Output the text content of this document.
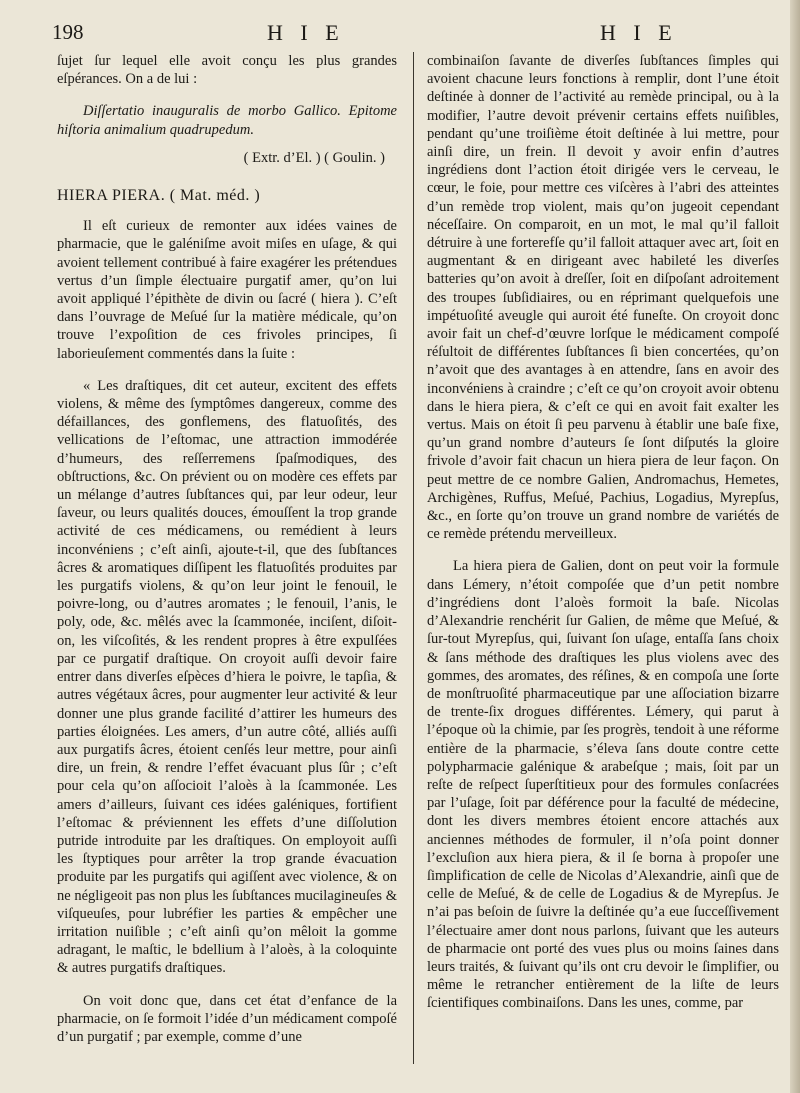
198	H I E	H I E

ſujet ſur lequel elle avoit conçu les plus grandes eſpérances. On a de lui :

Diſſertatio inauguralis de morbo Gallico. Epitome hiſtoria animalium quadrupedum.

( Extr. d’El. ) ( Goulin. )

HIERA PIERA. ( Mat. méd. )

Il eſt curieux de remonter aux idées vaines de pharmacie, que le galéniſme avoit miſes en uſage, & qui avoient tellement contribué à faire exagérer les prétendues vertus d’un ſimple électuaire purgatif amer, qu’on lui avoit appliqué l’épithète de divin ou ſacré ( hiera ). C’eſt dans l’ouvrage de Meſué ſur la matière médicale, qu’on trouve l’expoſition de ces frivoles principes, ſi laborieuſement commentés dans la ſuite :

« Les draſtiques, dit cet auteur, excitent des effets violens, & même des ſymptômes dangereux, comme des défaillances, des gonflemens, des flatuoſités, des vellications de l’eſtomac, une attraction immodérée d’humeurs, des reſſerremens ſpaſmodiques, des obſtructions, &c. On prévient ou on modère ces effets par un mélange d’autres ſubſtances qui, par leur odeur, leur ſaveur, ou leurs qualités douces, émouſſent la trop grande activité de ces médicamens, ou remédient à leurs inconvéniens ; c’eſt ainſi, ajoute-t-il, que des ſubſtances âcres & aromatiques diſſipent les flatuoſités produites par les purgatifs violens, & qu’on leur joint le fenouil, le poivre-long, ou d’autres aromates ; le fenouil, l’anis, le poly, ode, &c. mêlés avec la ſcammonée, inciſent, diſoit-on, les viſcoſités, & les rendent propres à être expulſées par ce purgatif draſtique. On croyoit auſſi devoir faire entrer dans diverſes eſpèces d’hiera le poivre, le tapſia, & autres végétaux âcres, pour augmenter leur activité & leur donner une plus grande facilité d’attirer les humeurs des parties éloignées. Les amers, d’un autre côté, alliés auſſi aux purgatifs âcres, étoient cenſés leur mettre, pour ainſi dire, un frein, & rendre l’effet évacuant plus ſûr ; c’eſt pour cela qu’on aſſocioit l’aloès à la ſcammonée. Les amers d’ailleurs, ſuivant ces idées galéniques, fortifient l’eſtomac & préviennent les effets d’une diſſolution putride introduite par les draſtiques. On employoit auſſi les ſtyptiques pour arrêter la trop grande évacuation produite par les purgatifs qui agiſſent avec violence, & on ne négligeoit pas non plus les ſubſtances mucilagineuſes & viſqueuſes, pour lubréfier les parties & empêcher une irritation nuiſible ; c’eſt ainſi qu’on mêloit la gomme adragant, le maſtic, le bdellium à l’aloès, à la coloquinte & autres purgatifs draſtiques.

On voit donc que, dans cet état d’enfance de la pharmacie, on ſe formoit l’idée d’un médicament compoſé d’un purgatif ; par exemple, comme d’une

combinaiſon ſavante de diverſes ſubſtances ſimples qui avoient chacune leurs fonctions à remplir, dont l’une étoit deſtinée à donner de l’activité au remède principal, ou à la modifier, l’autre devoit prévenir certains effets nuiſibles, pendant qu’une troiſième étoit deſtinée à lui mettre, pour ainſi dire, un frein. Il devoit y avoir enfin d’autres ingrédiens dont l’action étoit dirigée vers le cerveau, le cœur, le foie, pour mettre ces viſcères à l’abri des atteintes d’un remède trop violent, mais qu’on jugeoit cependant néceſſaire. On comparoit, en un mot, le mal qu’il falloit détruire à une forterefſe qu’il falloit attaquer avec art, ſoit en augmentant & en dirigeant avec habileté les diverſes batteries qu’on avoit à dreſſer, ſoit en diſpoſant adroitement des troupes ſubſidiaires, ou en réprimant quelquefois une impétuoſité aveugle qui auroit été funeſte. On croyoit donc avoir fait un chef-d’œuvre lorſque le médicament compoſé réſultoit de différentes ſubſtances ſi bien concertées, qu’on n’avoit que des avantages à en attendre, ſans en avoir des inconvéniens à craindre ; c’eſt ce qu’on croyoit avoir obtenu dans le hiera piera, & c’eſt ce qui en avoit fait exalter les vertus. Mais on étoit ſi peu parvenu à établir une baſe fixe, qu’un grand nombre d’auteurs ſe ſont diſputés la gloire frivole d’avoir fait chacun un hiera piera de leur façon. On peut mettre de ce nombre Galien, Andromachus, Hemetes, Archigènes, Ruffus, Meſué, Pachius, Logadius, Myrepſus, &c., en ſorte qu’on trouve un grand nombre de variétés de ce remède prétendu merveilleux.

La hiera piera de Galien, dont on peut voir la formule dans Lémery, n’étoit compoſée que d’un petit nombre d’ingrédiens dont l’aloès formoit la baſe. Nicolas d’Alexandrie renchérit ſur Galien, de même que Meſué, & ſur-tout Myrepſus, qui, ſuivant ſon uſage, entaſſa ſans choix & ſans méthode des draſtiques les plus violens avec des gommes, des aromates, des réſines, & en compoſa une ſorte de monſtruoſité pharmaceutique par une aſſociation bizarre de trente-ſix drogues différentes. Lémery, qui parut à l’époque où la chimie, par ſes progrès, tendoit à une réforme entière de la pharmacie, s’éleva ſans doute contre cette polypharmacie galénique & arabeſque ; mais, ſoit par un reſte de reſpect ſuperſtitieux pour des formules conſacrées par l’uſage, ſoit par déférence pour la faculté de médecine, dont les divers membres étoient encore attachés aux anciennes méthodes de formuler, il n’oſa point donner l’excluſion aux hiera piera, & il ſe borna à propoſer une ſimplification de celle de Nicolas d’Alexandrie, ainſi que de celle de Meſué, & de celle de Logadius & de Myrepſus. Je n’ai pas beſoin de ſuivre la deſtinée qu’a eue ſucceſſivement l’électuaire amer dont nous parlons, ſuivant que les auteurs de pharmacie ont porté des vues plus ou moins ſaines dans leurs traités, & ſuivant qu’ils ont cru devoir le ſimplifier, ou même le retrancher entièrement de la liſte de leurs ſcientifiques combinaiſons. Dans les unes, comme, par
